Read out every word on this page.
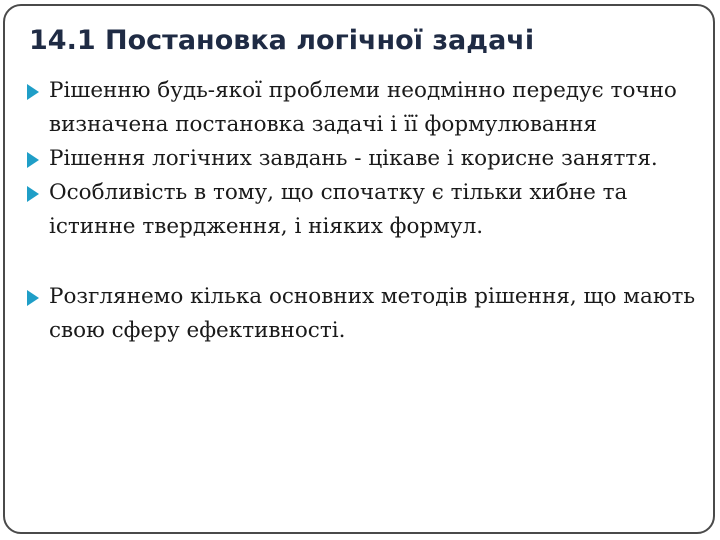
14.1 Постановка логічної задачі
Рішенню будь-якої проблеми неодмінно передує точно визначена постановка задачі і її формулювання
Рішення логічних завдань - цікаве і корисне заняття.
Особливість в тому, що спочатку є тільки хибне та істинне твердження, і ніяких формул.
Розглянемо кілька основних методів рішення, що мають свою сферу ефективності.
